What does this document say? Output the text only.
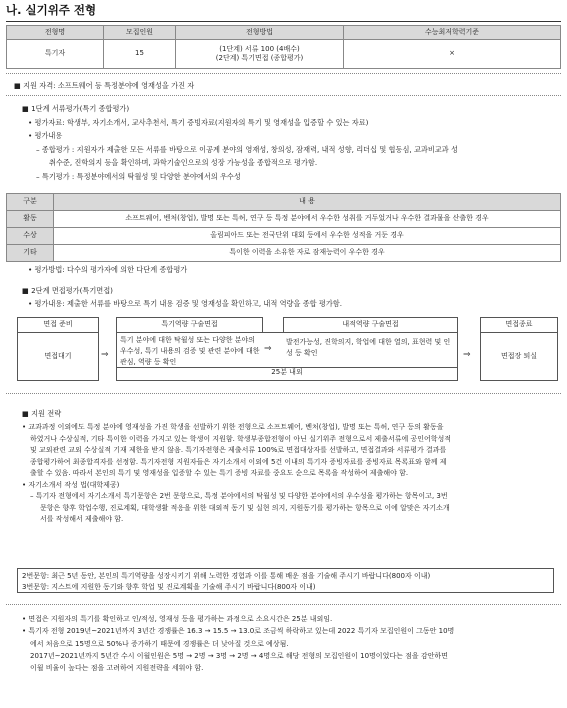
나. 실기위주 전형
전형명	모집인원	전형방법	수능최저학력기준
특기자	15	(1단계) 서류 100 (4배수)
(2단계) 특기면접 (종합평가)	×
■ 지원 자격: 소프트웨어 등 특정분야에 영재성을 가진 자
■ 1단계 서류평가(특기 종합평가)
• 평가자료: 학생부, 자기소개서, 교사추천서, 특기 증빙자료(지원자의 특기 및 영재성을 입증할 수 있는 자료)
• 평가내용
– 종합평가 : 지원자가 제출한 모든 서류를 바탕으로 이공계 분야의 영재성, 창의성, 잠재력, 내적 성향, 리더십 및 협동심, 교과비교과 성
취수준, 진학의지 등을 확인하며, 과학기술인으로의 성장 가능성을 종합적으로 평가함.
– 특기평가 : 특정분야에서의 탁월성 및 다양한 분야에서의 우수성
구분	내 용
활동	소프트웨어, 벤처(창업), 발명 또는 특허, 연구 등 특정 분야에서 우수한 성취를 거두었거나 우수한 결과물을 산출한 경우
수상	올림피아드 또는 전국단위 대회 등에서 우수한 성적을 거둔 경우
기타	특이한 이력을 소유한 자로 잠재능력이 우수한 경우
• 평가방법: 다수의 평가자에 의한 다단계 종합평가
■ 2단계 면접평가(특기면접)
• 평가내용: 제출한 서류를 바탕으로 특기 내용 검증 및 영재성을 확인하고, 내적 역량을 종합 평가함.
면접 준비
면접대기	⇒
특기역량 구술면접
특기 분야에 대한 탁월성 또는 다양한 분야의 우수성, 특기 내용의 검증 및 관련 분야에 대한 관심, 역량 등 확인
⇒
내적역량 구술면접
발전가능성, 진학의지, 학업에 대한 열의, 표현력 및 인성 등 확인
25분 내외
⇒
면접종료
면접장 퇴실
■ 지원 전략
• 교과과정 이외에도 특정 분야에 영재성을 가진 학생을 선발하기 위한 전형으로 소프트웨어, 벤처(창업), 발명 또는 특허, 연구 등의 활동을
하였거나 수상실적, 기타 특이한 이력을 가지고 있는 학생이 지원함. 학생부종합전형이 아닌 실기위주 전형으로서 제출서류에 공인어학성적
및 교외관련 교외 수상실적 기재 제한을 받지 않음. 특기자전형은 제출서류 100%로 면접대상자를 선발하고, 면접결과와 서류평가 결과를
종합평가하여 최종합격자를 선정함. 특기자전형 지원자들은 자기소개서 이외에 5건 이내의 특기자 증빙자료를 증빙자료 목록표와 함께 제
출할 수 있음. 따라서 본인의 특기 및 영재성을 입증할 수 있는 특기 증빙 자료를 중요도 순으로 목록을 작성하여 제출해야 함.
• 자기소개서 작성 법(대학제공)
– 특기자 전형에서 자기소개서 특기문항은 2번 문항으로, 특정 분야에서의 탁월성 및 다양한 분야에서의 우수성을 평가하는 항목이고, 3번
문항은 향후 학업수행, 진로계획, 대학생활 적응을 위한 대외적 동기 및 실현 의지, 지원동기를 평가하는 항목으로 이에 알맞은 자기소개
서를 작성해서 제출해야 함.
2번문항: 최근 5년 동안, 본인의 특기역량을 성장시키기 위해 노력한 경험과 이를 통해 배운 점을 기술해 주시기 바랍니다(800자 이내)
3번문항: 지스트에 지원한 동기와 향후 학업 및 진로계획을 기술해 주시기 바랍니다(800자 이내)
• 면접은 지원자의 특기를 확인하고 인/적성, 영재성 등을 평가하는 과정으로 소요시간은 25분 내외임.
• 특기자 전형 2019년~2021년까지 3년간 경쟁률은 16.3 → 15.5 → 13.0로 조금씩 하락하고 있는데 2022 특기자 모집인원이 그동안 10명
에서 처음으로 15명으로 50%나 증가하기 때문에 경쟁률은 더 낮아질 것으로 예상됨.
2017년~2021년까지 5년간 수시 이월인원은 5명 → 2명 → 3명 → 2명 → 4명으로 해당 전형의 모집인원이 10명이었다는 점을 감안하면
이월 비율이 높다는 점을 고려하여 지원전략을 세워야 함.
